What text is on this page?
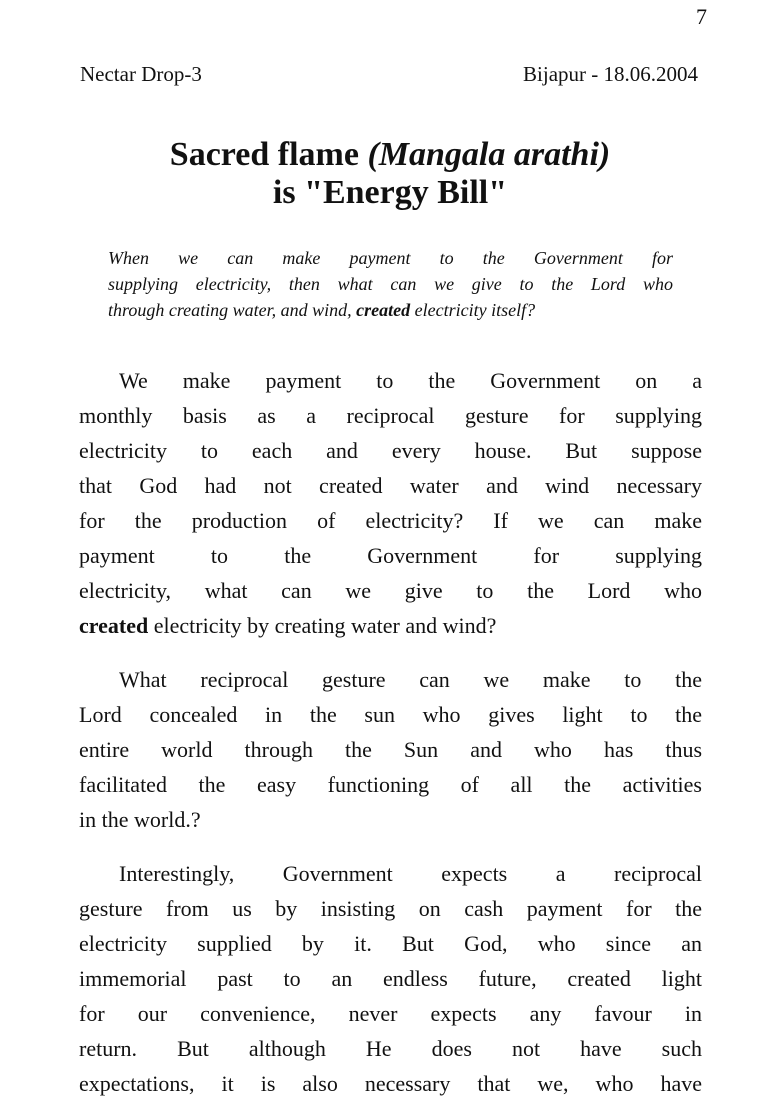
7
Nectar Drop-3	Bijapur - 18.06.2004
Sacred flame (Mangala arathi)
is "Energy Bill"
When we can make payment to the Government for
supplying electricity, then what can we give to the Lord who
through creating water, and wind, created electricity itself?
We make payment to the Government on a
monthly basis as a reciprocal gesture for supplying
electricity to each and every house. But suppose
that God had not created water and wind necessary
for the production of electricity? If we can make
payment to the Government for supplying
electricity, what can we give to the Lord who
created electricity by creating water and wind?
What reciprocal gesture can we make to the
Lord concealed in the sun who gives light to the
entire world through the Sun and who has thus
facilitated the easy functioning of all the activities
in the world.?
Interestingly, Government expects a reciprocal
gesture from us by insisting on cash payment for the
electricity supplied by it. But God, who since an
immemorial past to an endless future, created light
for our convenience, never expects any favour in
return. But although He does not have such
expectations, it is also necessary that we, who have
